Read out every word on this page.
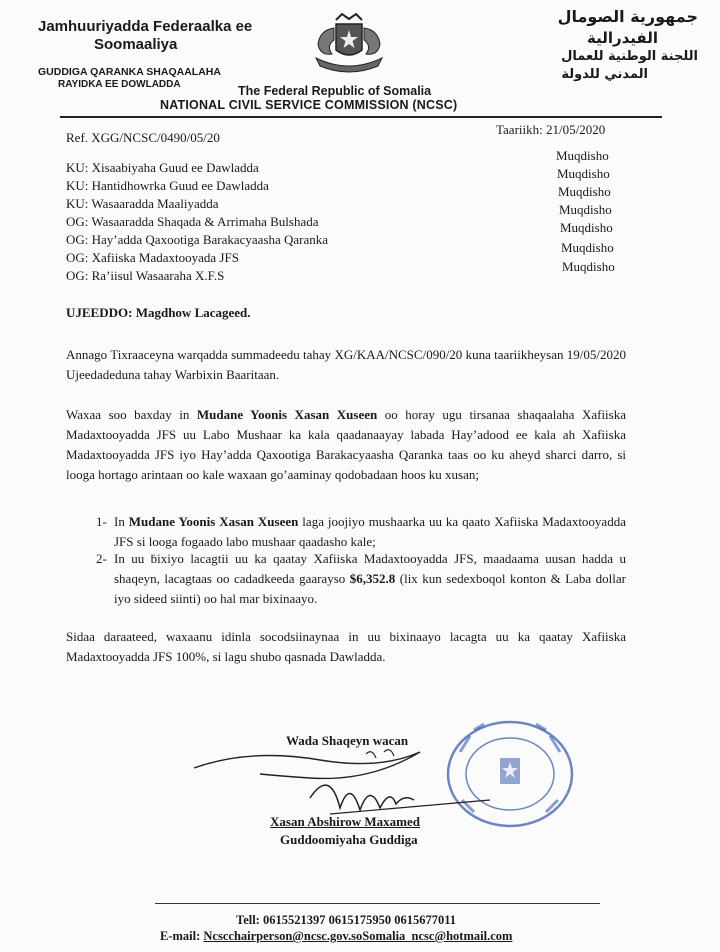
Jamhuuriyadda Federaalka ee
Soomaaliya
GUDDIGA QARANKA SHAQAALAHA
RAYIDKA EE DOWLADDA
جمهورية الصومال
الفيدرالية
اللجنة الوطنية للعمال
المدني للدولة
The Federal Republic of Somalia
NATIONAL CIVIL SERVICE COMMISSION (NCSC)
Ref. XGG/NCSC/0490/05/20
Taariikh: 21/05/2020
KU: Xisaabiyaha Guud ee Dawladda
KU: Hantidhowrka Guud ee Dawladda
KU: Wasaaradda Maaliyadda
OG: Wasaaradda Shaqada & Arrimaha Bulshada
OG: Hay’adda Qaxootiga Barakacyaasha Qaranka
OG: Xafiiska Madaxtooyada JFS
OG: Ra’iisul Wasaaraha X.F.S
Muqdisho
Muqdisho
Muqdisho
Muqdisho
Muqdisho
Muqdisho
Muqdisho
UJEEDDO: Magdhow Lacageed.
Annago Tixraaceyna warqadda summadeedu tahay XG/KAA/NCSC/090/20 kuna taariikheysan 19/05/2020 Ujeedadeduna tahay Warbixin Baaritaan.
Waxaa soo baxday in Mudane Yoonis Xasan Xuseen oo horay ugu tirsanaa shaqaalaha Xafiiska Madaxtooyadda JFS uu Labo Mushaar ka kala qaadanaayay labada Hay’adood ee kala ah Xafiiska Madaxtooyadda JFS iyo Hay’adda Qaxootiga Barakacyaasha Qaranka taas oo ku aheyd sharci darro, si looga hortago arintaan oo kale waxaan go’aaminay qodobadaan hoos ku xusan;
1- In Mudane Yoonis Xasan Xuseen laga joojiyo mushaarka uu ka qaato Xafiiska Madaxtooyadda JFS si looga fogaado labo mushaar qaadasho kale;
2- In uu ḃixiyo lacagtii uu ka qaatay Xafiiska Madaxtooyadda JFS, maadaama uusan hadda u shaqeyn, lacagtaas oo cadadkeeda gaarayso $6,352.8 (lix kun sedexboqol konton & Laba dollar iyo sideed siinti) oo hal mar bixinaayo.
Sidaa daraateed, waxaanu idinla socodsiinaynaa in uu bixinaayo lacagta uu ka qaatay Xafiiska Madaxtooyadda JFS 100%, si lagu shubo qasnada Dawladda.
Wada Shaqeyn wacan
Xasan Abshirow Maxamed
Guddoomiyaha Guddiga
Tell: 0615521397 0615175950 0615677011
E-mail: Ncscchairperson@ncsc.gov.soSomalia_ncsc@hotmail.com
